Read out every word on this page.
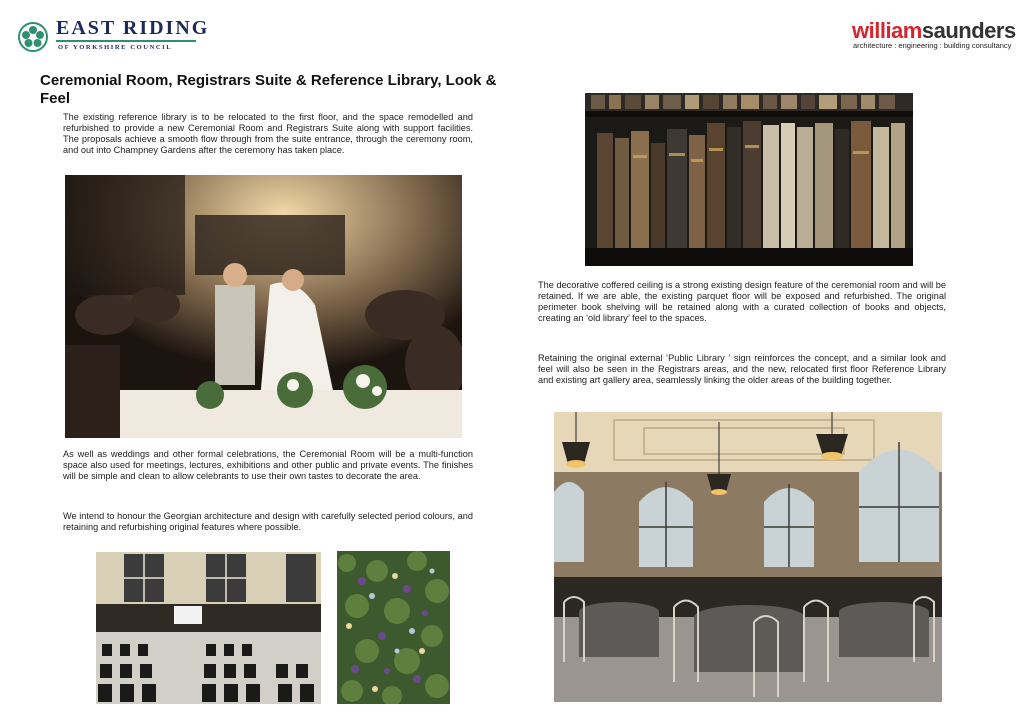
EAST RIDING
OF YORKSHIRE COUNCIL
williamsaunders
architecture : engineering : building consultancy
Ceremonial Room, Registrars Suite & Reference Library, Look & Feel

The existing reference library is to be relocated to the first floor, and the space remodelled and refurbished to provide a new Ceremonial Room and Registrars Suite along with support facilities. The proposals achieve a smooth flow through from the suite entrance, through the ceremony room, and out into Champney Gardens after the ceremony has taken place.

As well as weddings and other formal celebrations, the Ceremonial Room will be a multi-function space also used for meetings, lectures, exhibitions and other public and private events. The finishes will be simple and clean to allow celebrants to use their own tastes to decorate the area.

We intend to honour the Georgian architecture and design with carefully selected period colours, and retaining and refurbishing original features where possible.

The decorative coffered ceiling is a strong existing design feature of the ceremonial room and will be retained. If we are able, the existing parquet floor will be exposed and refurbished. The original perimeter book shelving will be retained along with a curated collection of books and objects, creating an ‘old library’ feel to the spaces.

Retaining the original external ‘Public Library ‘ sign reinforces the concept, and a similar look and feel will also be seen in the Registrars areas, and the new, relocated first floor Reference Library and existing art gallery area, seamlessly linking the older areas of the building together.
